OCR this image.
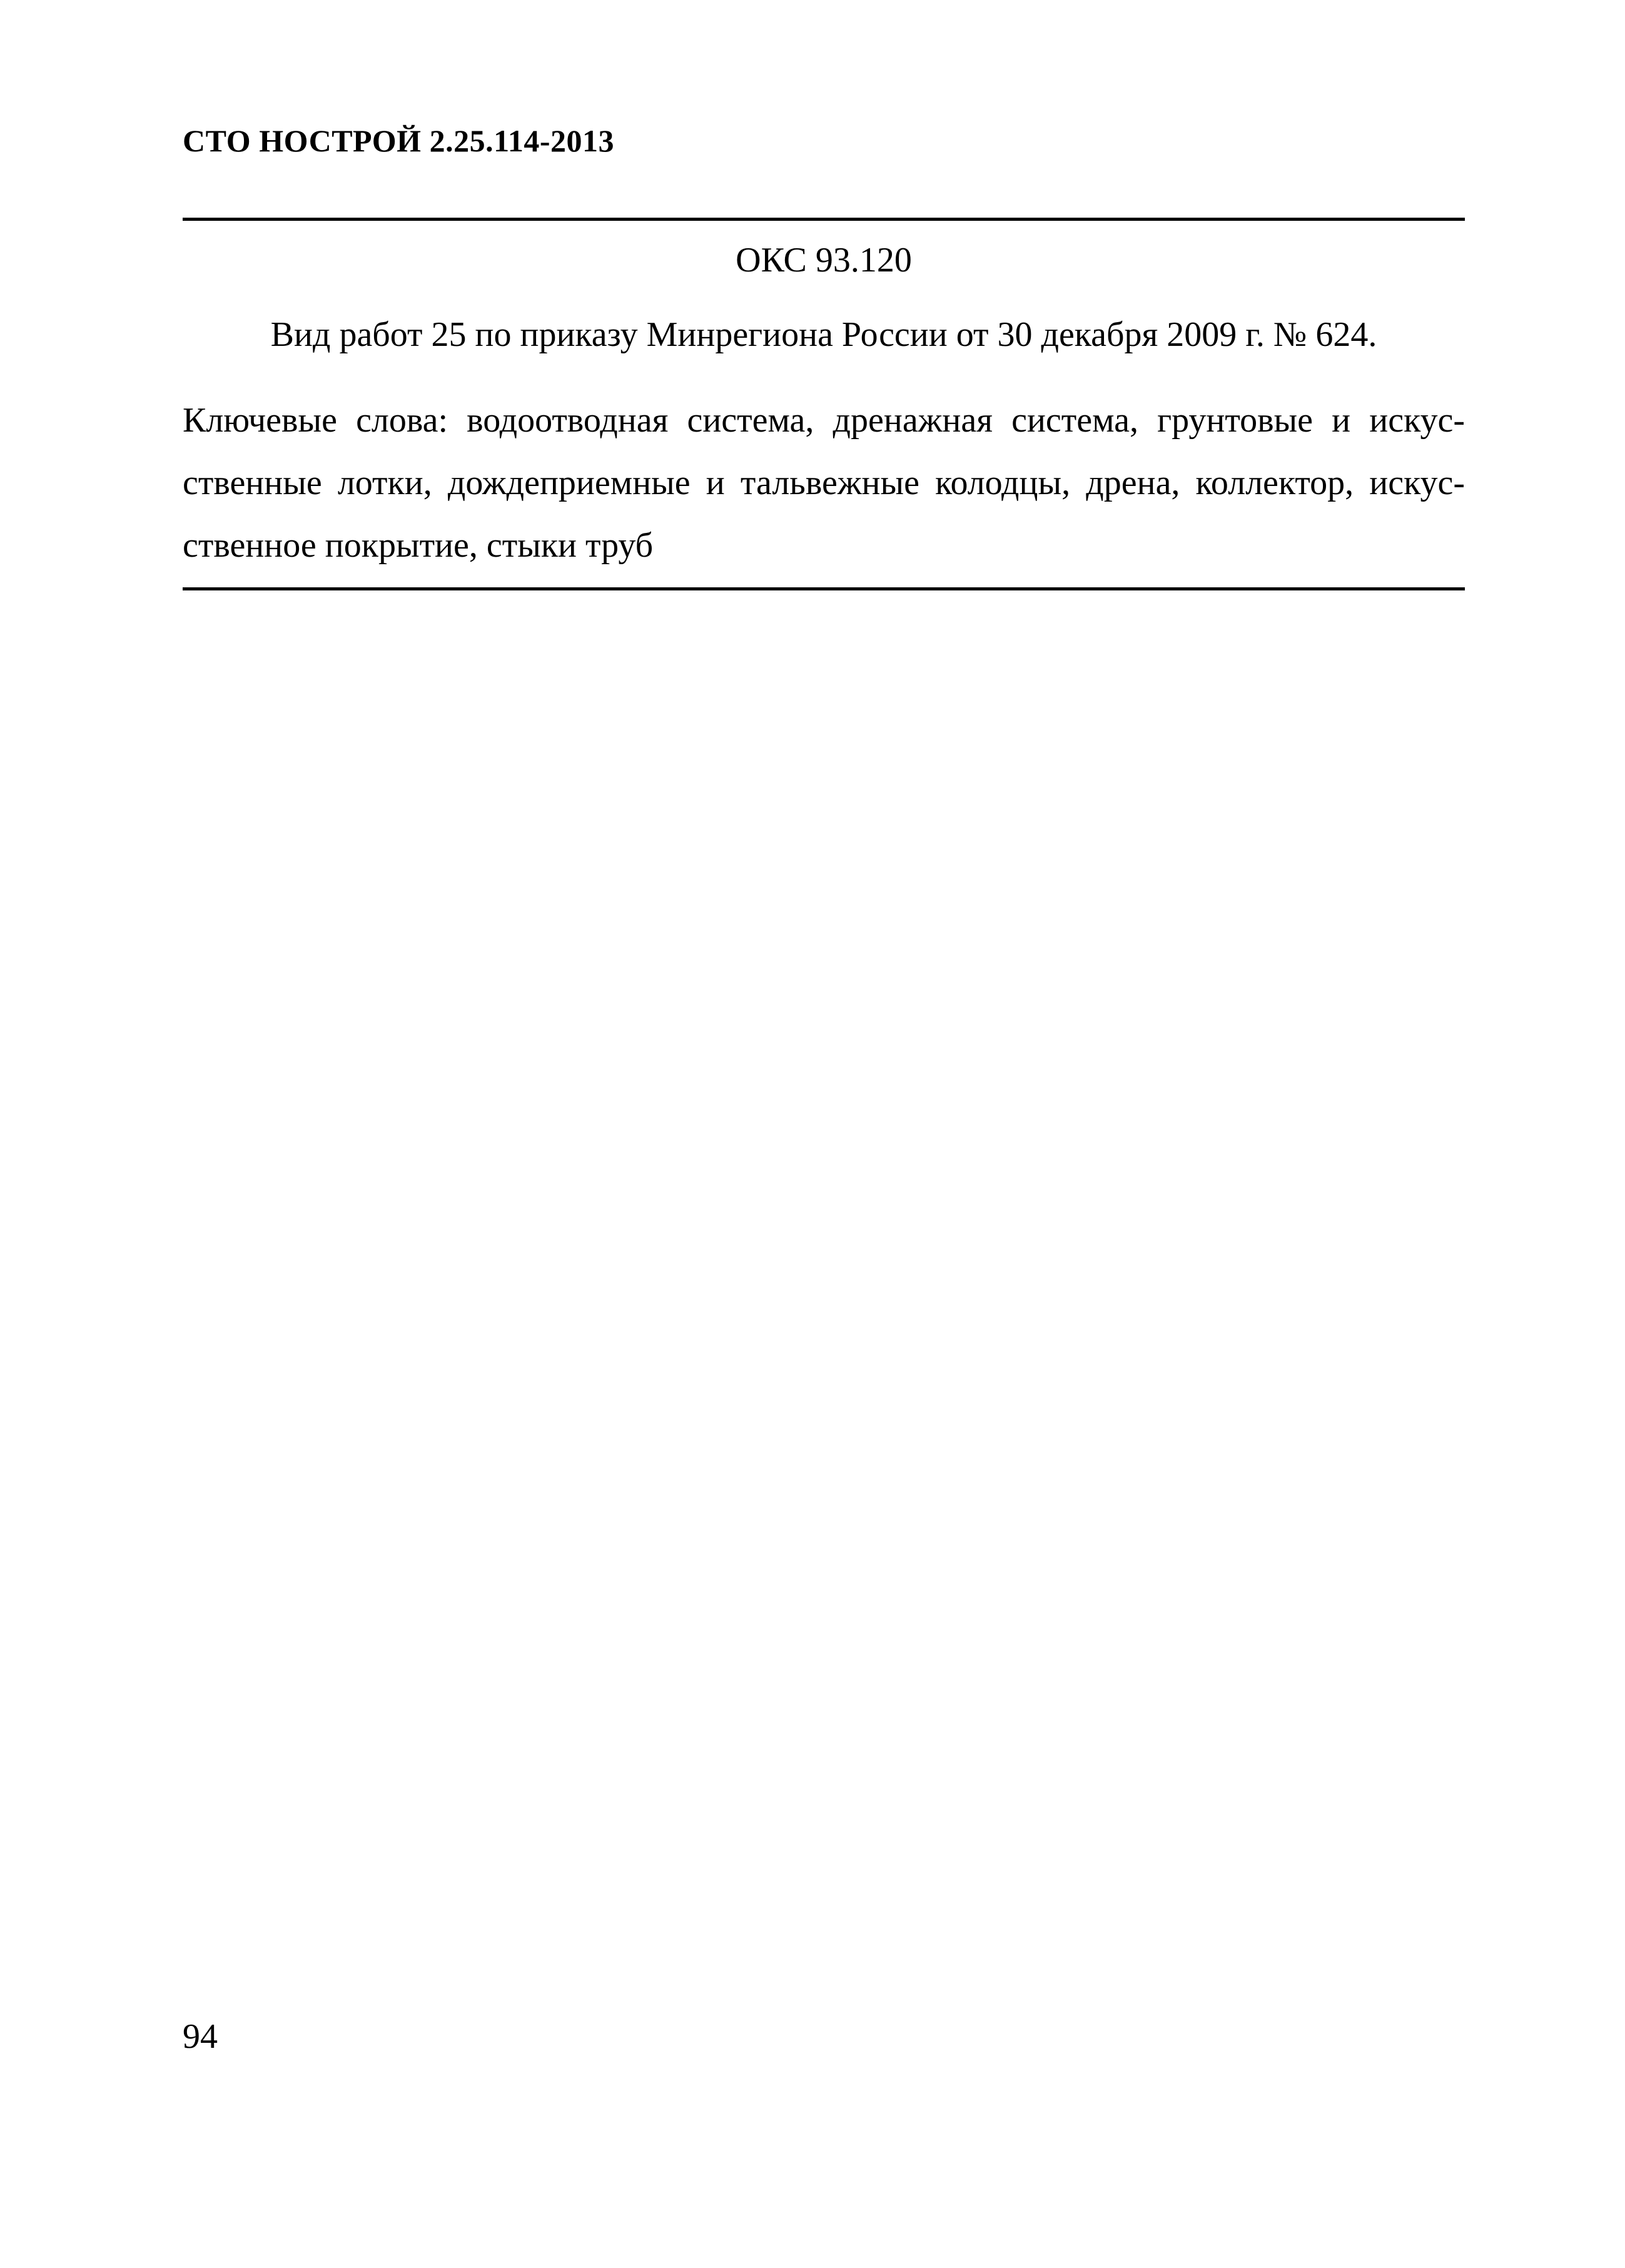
СТО НОСТРОЙ 2.25.114-2013
ОКС 93.120
Вид работ 25 по приказу Минрегиона России от 30 декабря 2009 г. № 624.
Ключевые слова: водоотводная система, дренажная система, грунтовые и искусственные лотки, дождеприемные и тальвежные колодцы, дрена, коллектор, искусственное покрытие, стыки труб
94
